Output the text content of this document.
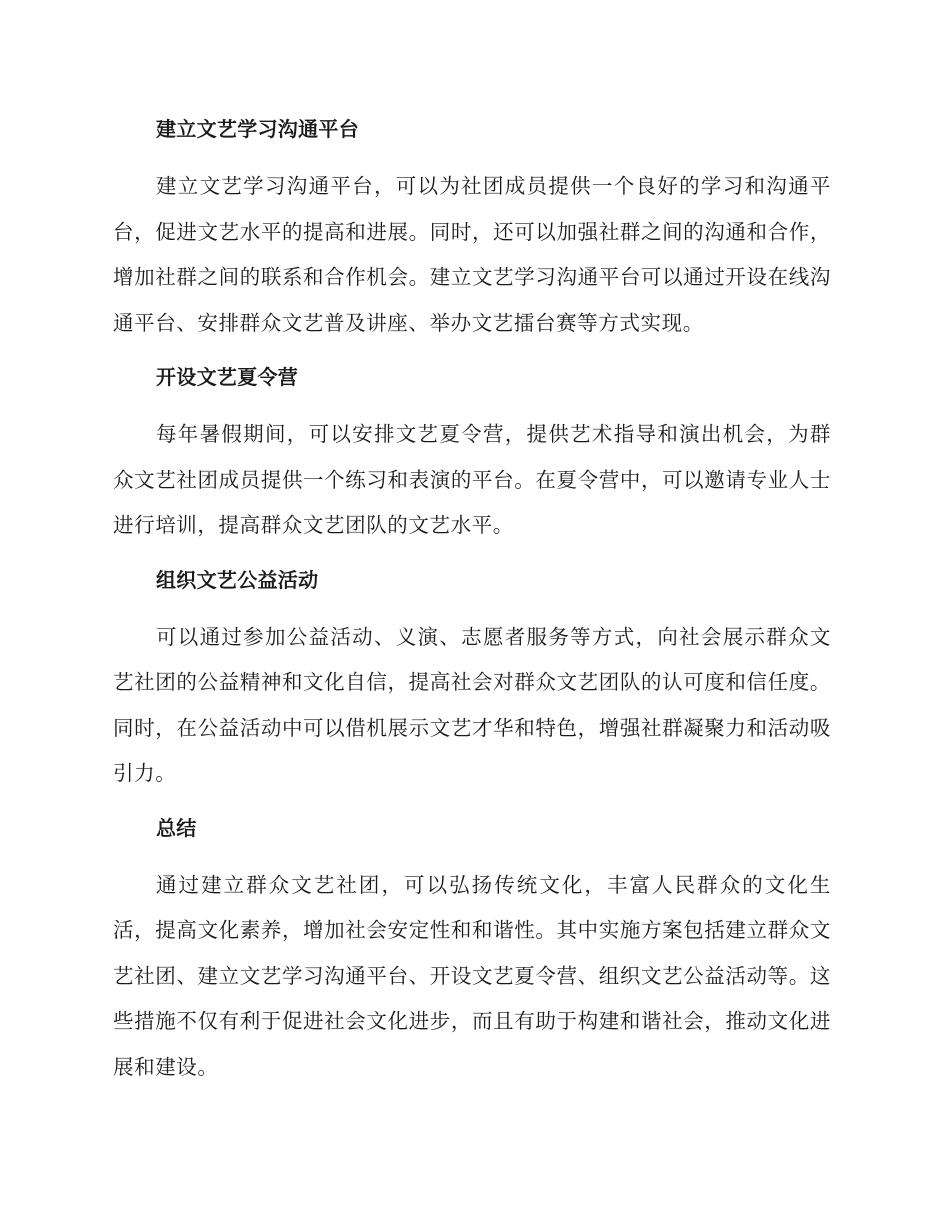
建立文艺学习沟通平台

建立文艺学习沟通平台，可以为社团成员提供一个良好的学习和沟通平台，促进文艺水平的提高和进展。同时，还可以加强社群之间的沟通和合作，增加社群之间的联系和合作机会。建立文艺学习沟通平台可以通过开设在线沟通平台、安排群众文艺普及讲座、举办文艺擂台赛等方式实现。

开设文艺夏令营

每年暑假期间，可以安排文艺夏令营，提供艺术指导和演出机会，为群众文艺社团成员提供一个练习和表演的平台。在夏令营中，可以邀请专业人士进行培训，提高群众文艺团队的文艺水平。

组织文艺公益活动

可以通过参加公益活动、义演、志愿者服务等方式，向社会展示群众文艺社团的公益精神和文化自信，提高社会对群众文艺团队的认可度和信任度。同时，在公益活动中可以借机展示文艺才华和特色，增强社群凝聚力和活动吸引力。

总结

通过建立群众文艺社团，可以弘扬传统文化，丰富人民群众的文化生活，提高文化素养，增加社会安定性和和谐性。其中实施方案包括建立群众文艺社团、建立文艺学习沟通平台、开设文艺夏令营、组织文艺公益活动等。这些措施不仅有利于促进社会文化进步，而且有助于构建和谐社会，推动文化进展和建设。
